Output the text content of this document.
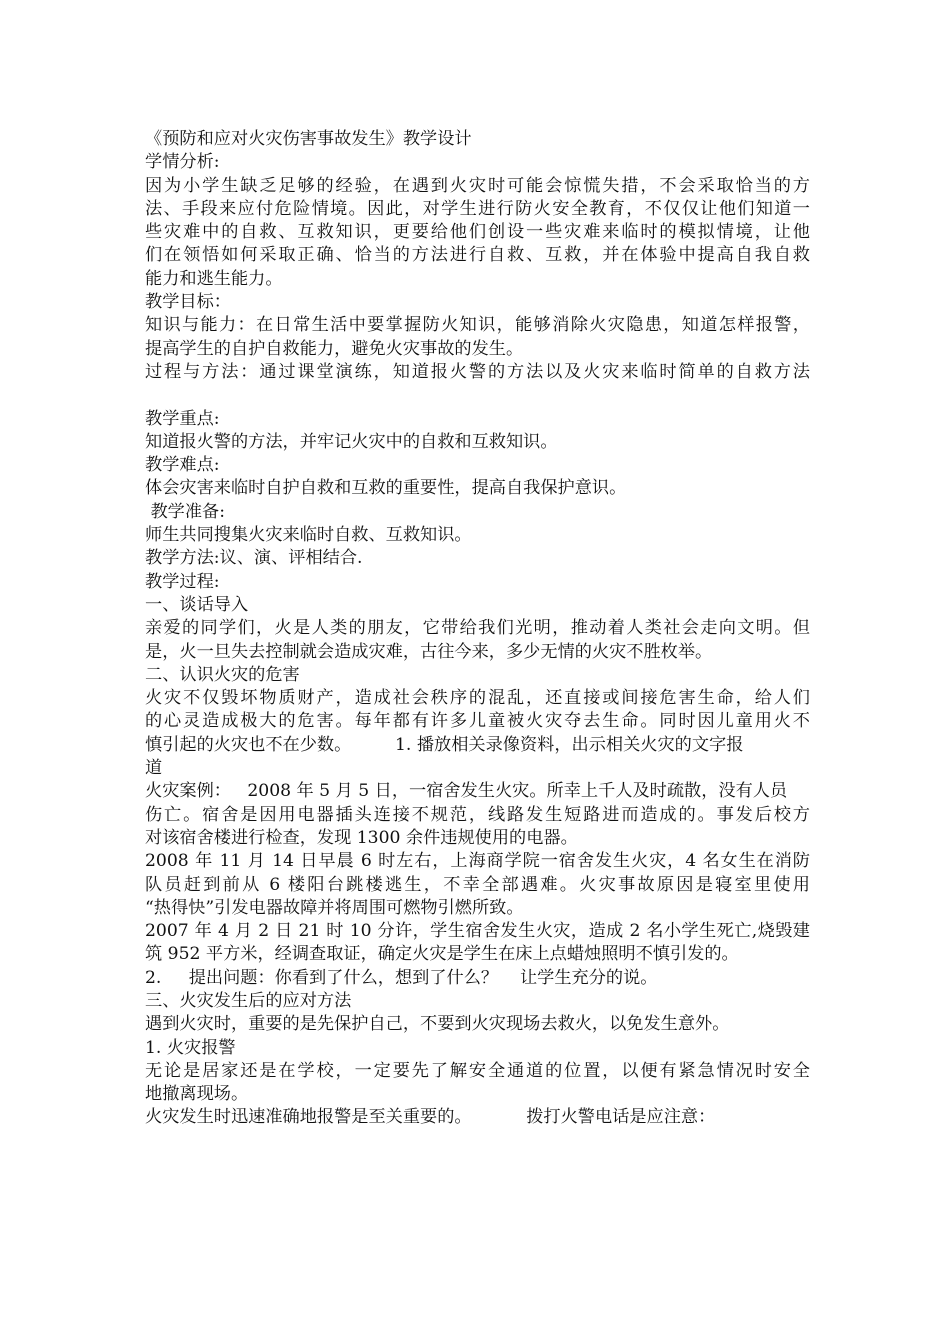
《预防和应对火灾伤害事故发生》教学设计
学情分析:
因为小学生缺乏足够的经验，在遇到火灾时可能会惊慌失措，不会采取恰当的方
法、手段来应付危险情境。因此，对学生进行防火安全教育，不仅仅让他们知道一
些灾难中的自救、互救知识，更要给他们创设一些灾难来临时的模拟情境，让他
们在领悟如何采取正确、恰当的方法进行自救、互救，并在体验中提高自我自救
能力和逃生能力。
教学目标：
知识与能力：在日常生活中要掌握防火知识，能够消除火灾隐患，知道怎样报警，
提高学生的自护自救能力，避免火灾事故的发生。
过程与方法：通过课堂演练，知道报火警的方法以及火灾来临时简单的自救方法
教学重点:
知道报火警的方法，并牢记火灾中的自救和互救知识。
教学难点:
体会灾害来临时自护自救和互救的重要性，提高自我保护意识。
教学准备:
师生共同搜集火灾来临时自救、互救知识。
教学方法:议、演、评相结合.
教学过程:
一、谈话导入
亲爱的同学们，火是人类的朋友，它带给我们光明，推动着人类社会走向文明。但
是，火一旦失去控制就会造成灾难，古往今来，多少无情的火灾不胜枚举。
二、认识火灾的危害
火灾不仅毁坏物质财产，造成社会秩序的混乱，还直接或间接危害生命，给人们
的心灵造成极大的危害。每年都有许多儿童被火灾夺去生命。同时因儿童用火不
慎引起的火灾也不在少数。        1. 播放相关录像资料，出示相关火灾的文字报
道
火灾案例：   2008 年 5 月 5 日，一宿舍发生火灾。所幸上千人及时疏散，没有人员
伤亡。宿舍是因用电器插头连接不规范，线路发生短路进而造成的。事发后校方
对该宿舍楼进行检查，发现 1300 余件违规使用的电器。
2008 年 11 月 14 日早晨 6 时左右，上海商学院一宿舍发生火灾，4 名女生在消防
队员赶到前从 6 楼阳台跳楼逃生，不幸全部遇难。火灾事故原因是寝室里使用
“热得快”引发电器故障并将周围可燃物引燃所致。
2007 年 4 月 2 日 21 时 10 分许，学生宿舍发生火灾，造成 2 名小学生死亡,烧毁建
筑 952 平方米，经调查取证，确定火灾是学生在床上点蜡烛照明不慎引发的。
2.     提出问题：你看到了什么，想到了什么？    让学生充分的说。
三、火灾发生后的应对方法
遇到火灾时，重要的是先保护自己，不要到火灾现场去救火，以免发生意外。
1. 火灾报警
无论是居家还是在学校，一定要先了解安全通道的位置，以便有紧急情况时安全
地撤离现场。
火灾发生时迅速准确地报警是至关重要的。          拨打火警电话是应注意：
